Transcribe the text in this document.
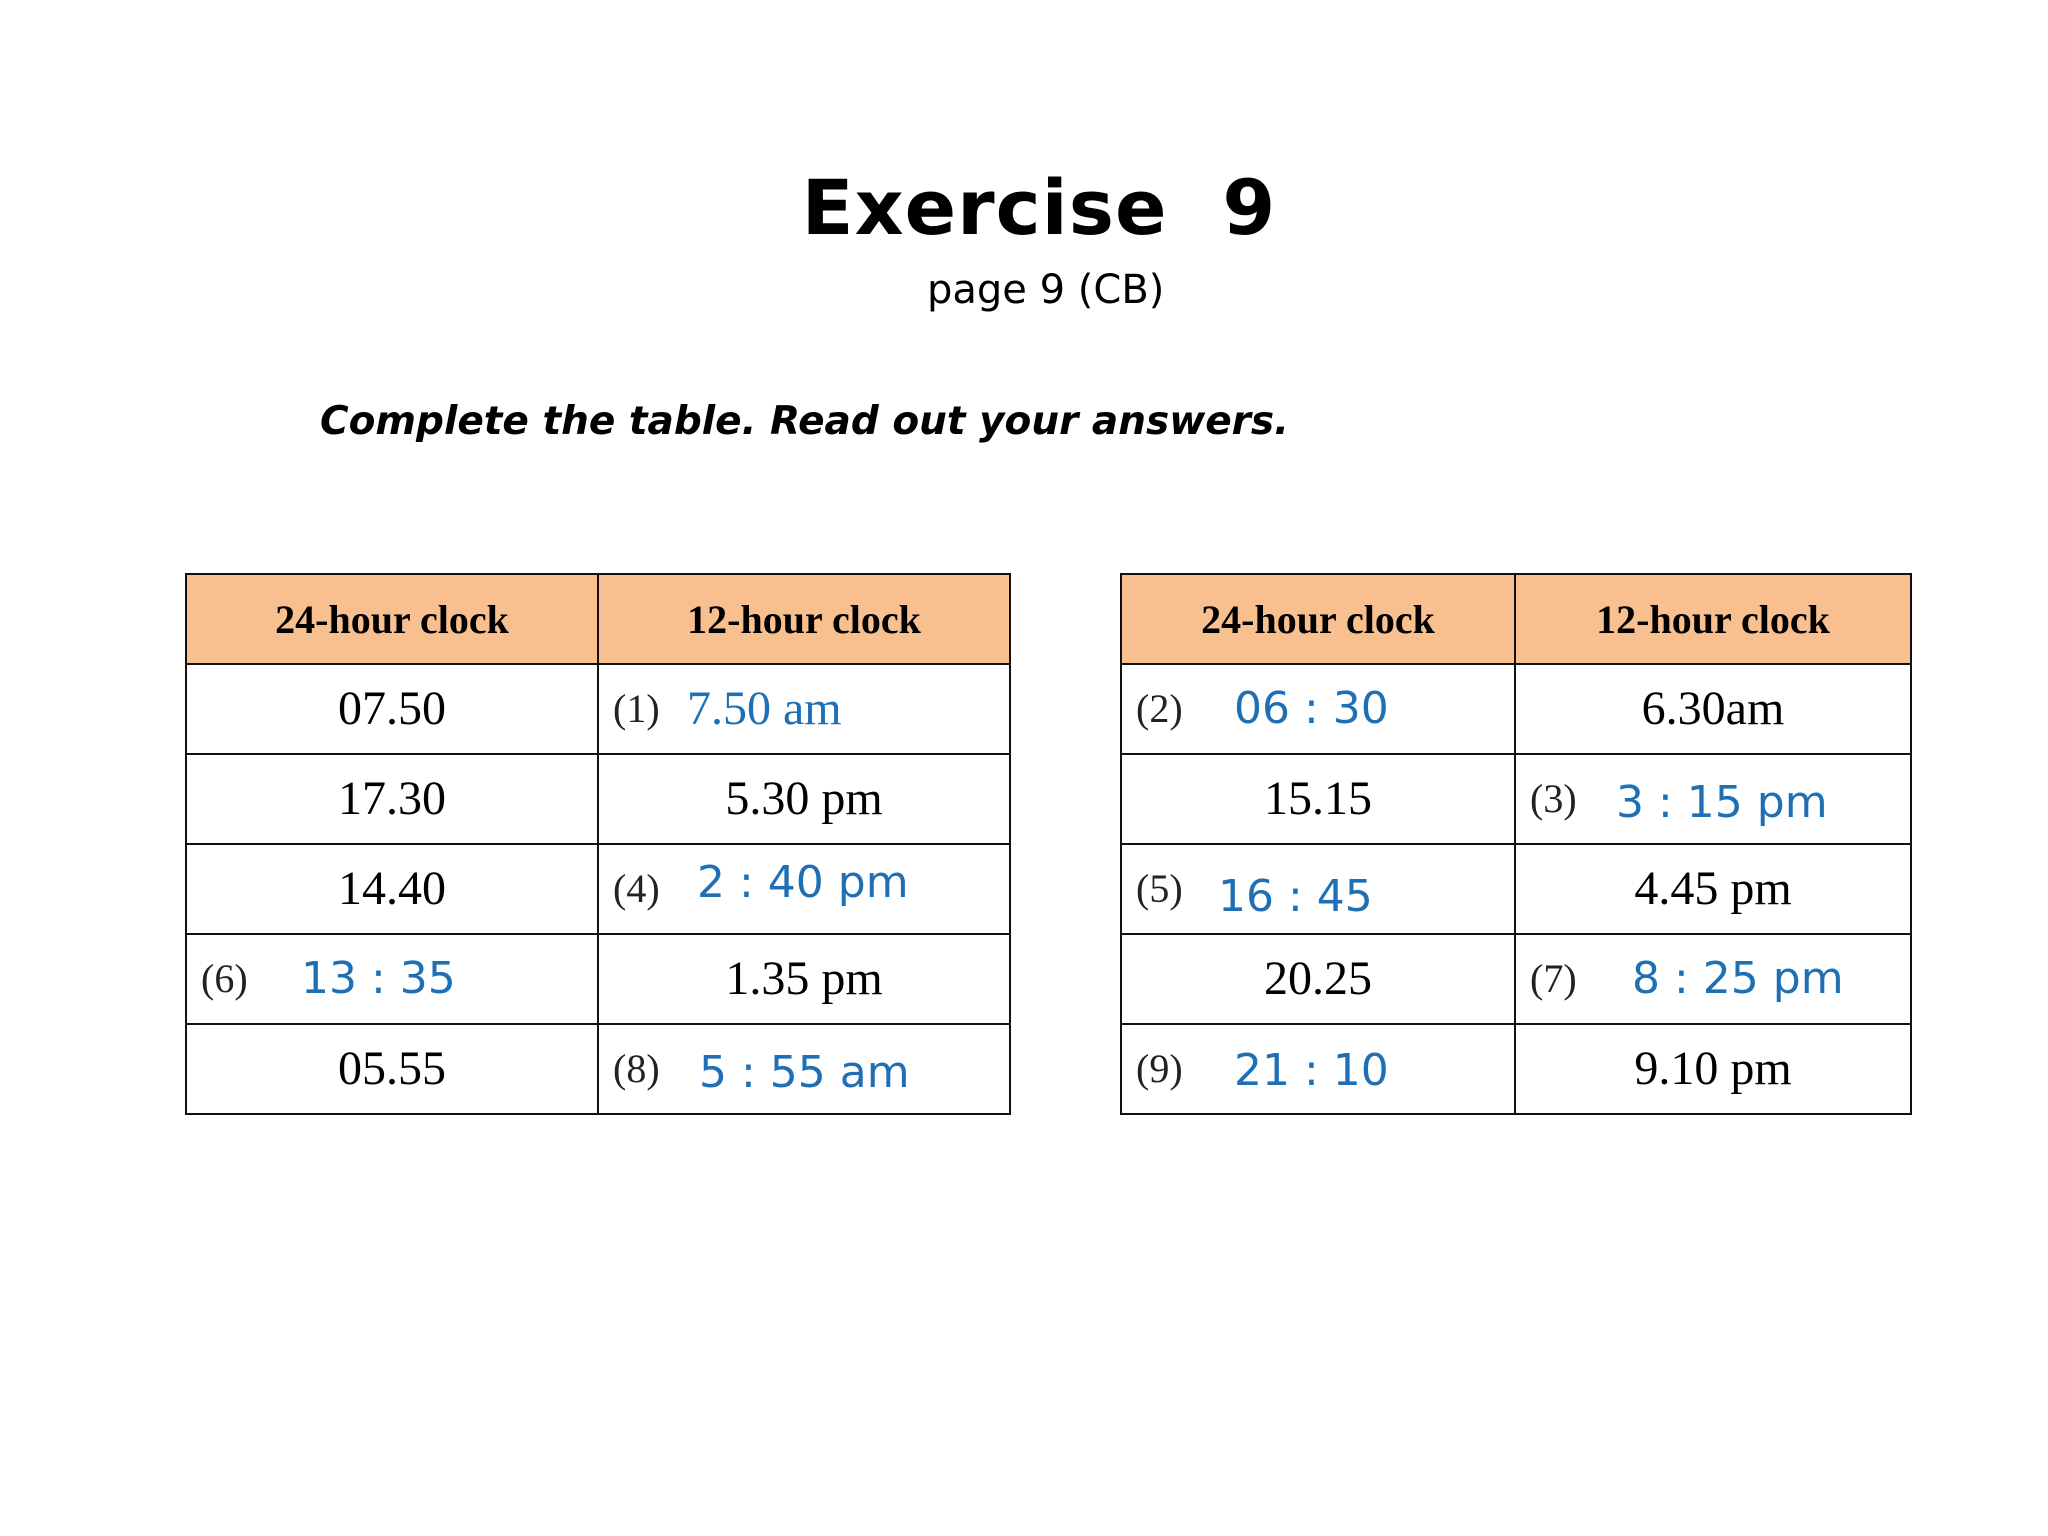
Exercise  9
page 9 (CB)
Complete the table. Read out your answers.
24-hour clock	12-hour clock

07.50	(1) 7.50 am

17.30	5.30 pm

14.40	(4) 2 : 40 pm

(6) 13 : 35	1.35 pm

05.55	(8) 5 : 55 am
24-hour clock	12-hour clock

(2) 06 : 30	6.30am

15.15	(3) 3 : 15 pm

(5) 16 : 45	4.45 pm

20.25	(7) 8 : 25 pm

(9) 21 : 10	9.10 pm
